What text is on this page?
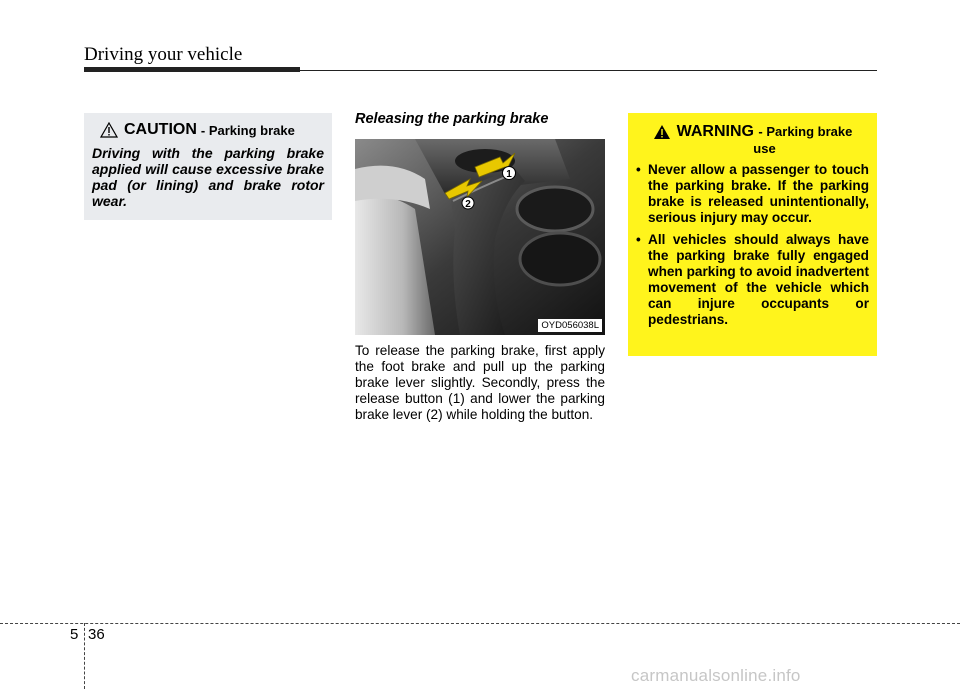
Driving your vehicle
CAUTION - Parking brake
Driving with the parking brake applied will cause excessive brake pad (or lining) and brake rotor wear.
Releasing the parking brake
1
2
OYD056038L
To release the parking brake, first apply the foot brake and pull up the parking brake lever slightly. Secondly, press the release button (1) and lower the parking brake lever (2) while holding the button.
WARNING - Parking brake
use
• Never allow a passenger to touch the parking brake. If the parking brake is released unintentionally, serious injury may occur.
• All vehicles should always have the parking brake fully engaged when parking to avoid inadvertent movement of the vehicle which can injure occupants or pedestrians.
5 36
carmanualsonline.info
